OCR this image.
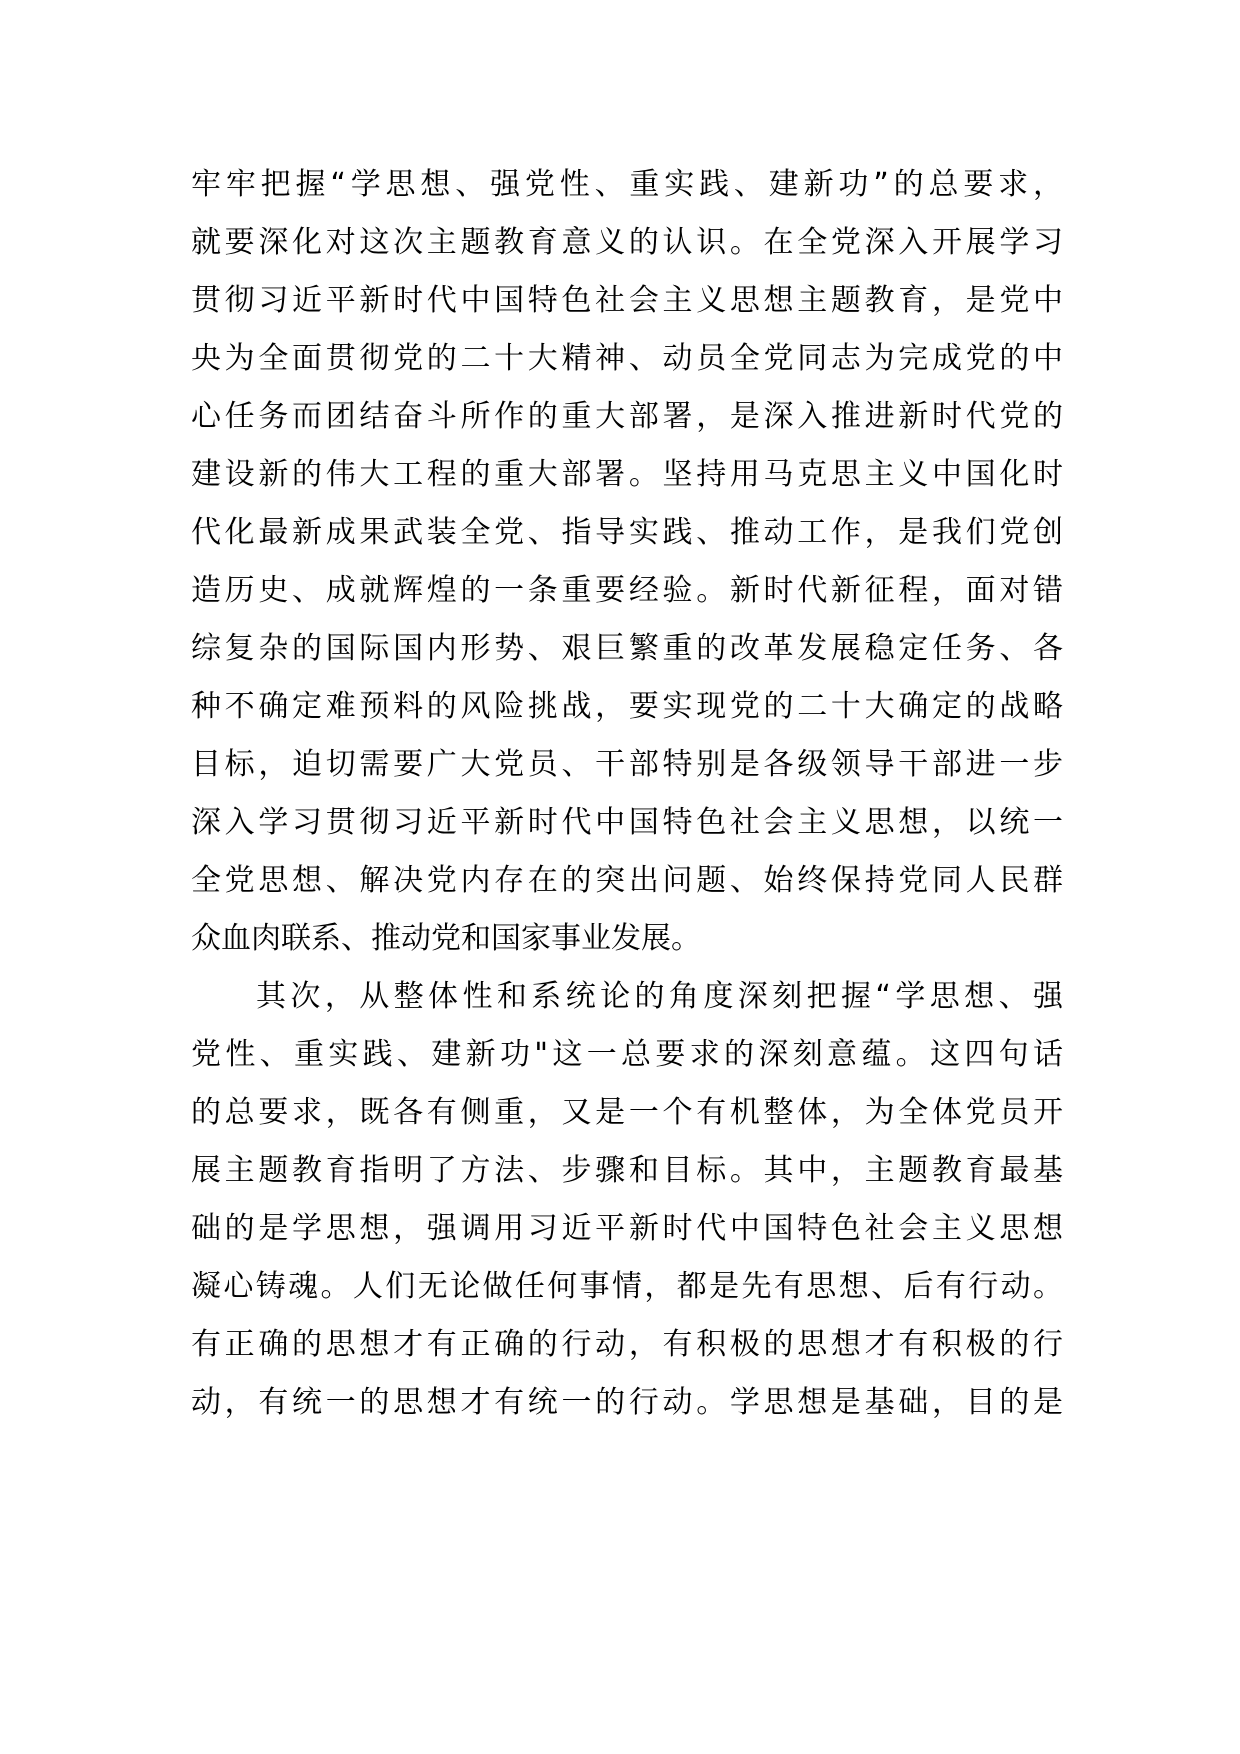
牢牢把握“学思想、强党性、重实践、建新功”的总要求，
就要深化对这次主题教育意义的认识。在全党深入开展学习
贯彻习近平新时代中国特色社会主义思想主题教育，是党中
央为全面贯彻党的二十大精神、动员全党同志为完成党的中
心任务而团结奋斗所作的重大部署，是深入推进新时代党的
建设新的伟大工程的重大部署。坚持用马克思主义中国化时
代化最新成果武装全党、指导实践、推动工作，是我们党创
造历史、成就辉煌的一条重要经验。新时代新征程，面对错
综复杂的国际国内形势、艰巨繁重的改革发展稳定任务、各
种不确定难预料的风险挑战，要实现党的二十大确定的战略
目标，迫切需要广大党员、干部特别是各级领导干部进一步
深入学习贯彻习近平新时代中国特色社会主义思想，以统一
全党思想、解决党内存在的突出问题、始终保持党同人民群
众血肉联系、推动党和国家事业发展。
其次，从整体性和系统论的角度深刻把握“学思想、强
党性、重实践、建新功"这一总要求的深刻意蕴。这四句话
的总要求，既各有侧重，又是一个有机整体，为全体党员开
展主题教育指明了方法、步骤和目标。其中，主题教育最基
础的是学思想，强调用习近平新时代中国特色社会主义思想
凝心铸魂。人们无论做任何事情，都是先有思想、后有行动。
有正确的思想才有正确的行动，有积极的思想才有积极的行
动，有统一的思想才有统一的行动。学思想是基础，目的是
